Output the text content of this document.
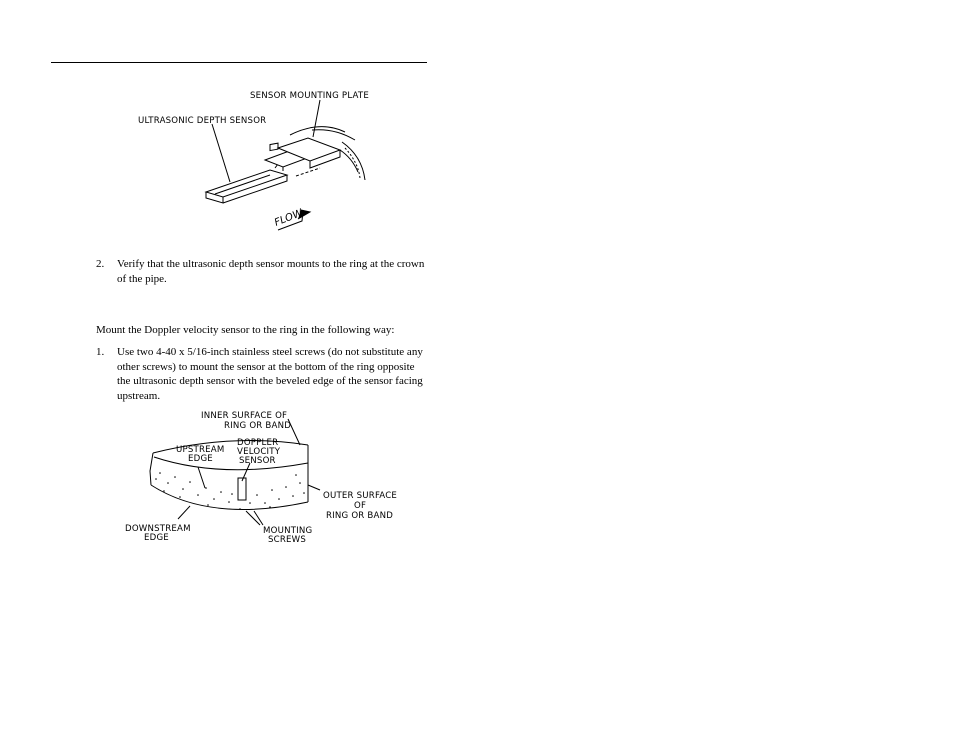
SENSOR MOUNTING PLATE
ULTRASONIC DEPTH SENSOR
FLOW
2.	Verify that the ultrasonic depth sensor mounts to the ring at the crown of the pipe.
Mount the Doppler velocity sensor to the ring in the following way:
1.	Use two 4-40 x 5/16-inch stainless steel screws (do not substitute any other screws) to mount the sensor at the bottom of the ring opposite the ultrasonic depth sensor with the beveled edge of the sensor facing upstream.
INNER SURFACE OF
RING OR BAND
UPSTREAM
EDGE
DOPPLER
VELOCITY
SENSOR
OUTER SURFACE
OF
RING OR BAND
DOWNSTREAM
EDGE
MOUNTING
SCREWS
